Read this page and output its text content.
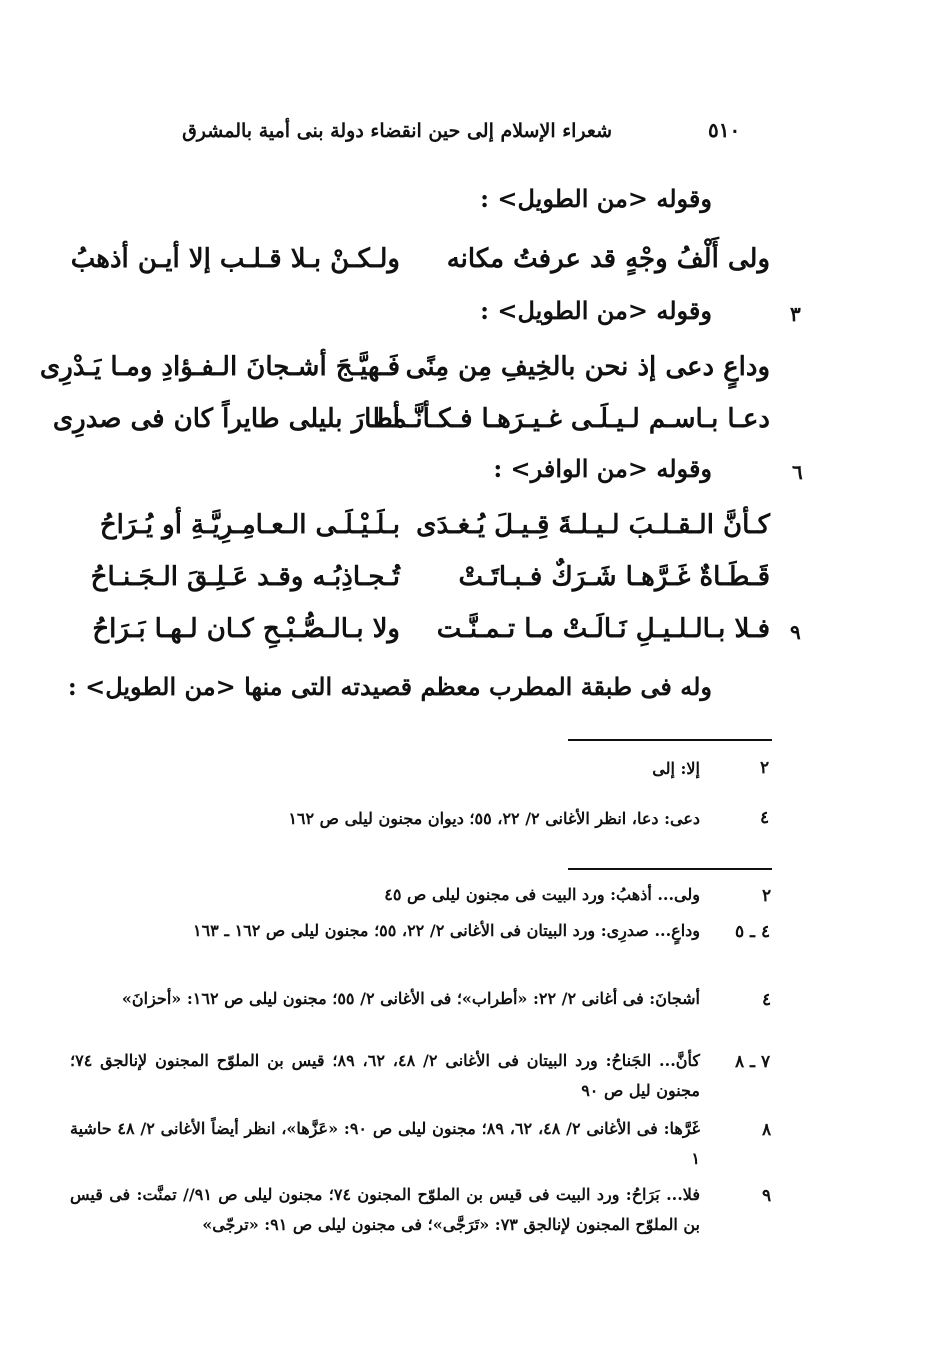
شعراء الإسلام إلى حين انقضاء دولة بنى أمية بالمشرق	٥١٠
وقوله <من الطويل> :
ولى أَلْفُ وجْهٍ قد عرفتُ مكانه
ولـكـنْ بـلا قـلـب إلا أيـن أذهبُ
٣
وقوله <من الطويل> :
وداعٍ دعى إذ نحن بالخِيفِ مِن مِنًى
فَـهيَّـجَ أشـجانَ الـفـؤادِ ومـا يَـدْرِى
دعـا بـاسـم لـيـلَـى غـيـرَهـا فـكـأنَّـمـا
أطارَ بليلى طايراً كان فى صدرِى
٦
وقوله <من الوافر> :
كـأنَّ الـقـلـبَ لـيـلـةَ قِـيـلَ يُـغـدَى
بـلَـيْـلَـى الـعـامِـرِيَّـةِ أو يُـرَاحُ
قَـطَـاةٌ غَـرَّهـا شَـرَكٌ فـبـاتَـتْ
تُـجـاذِبُـه وقـد عَـلِـقَ الـجَـنـاحُ
٩
فـلا بـالـلـيـلِ نَـالَـتْ مـا تـمـنَّـت
ولا بـالـصُّـبْـحِ كـان لـهـا بَـرَاحُ
وله فى طبقة المطرب معظم قصيدته التى منها <من الطويل> :
٢
إلا: إلى
٤
دعى: دعا، انظر الأغانى ٢/ ٢٢، ٥٥؛ ديوان مجنون ليلى ص ١٦٢
٢
ولى... أذهبُ: ورد البيت فى مجنون ليلى ص ٤٥
٤ ـ ٥
وداعٍ... صدرِى: ورد البيتان فى الأغانى ٢/ ٢٢، ٥٥؛ مجنون ليلى ص ١٦٢ ـ ١٦٣
٤
أشجانَ: فى أغانى ٢/ ٢٢: «أطراب»؛ فى الأغانى ٢/ ٥٥؛ مجنون ليلى ص ١٦٢: «أحزانَ»
٧ ـ ٨
كأنَّ... الجَناحُ: ورد البيتان فى الأغانى ٢/ ٤٨، ٦٢، ٨٩؛ قيس بن الملوّح المجنون لإنالجق ٧٤؛ مجنون ليل ص ٩٠
٨
غَرَّها: فى الأغانى ٢/ ٤٨، ٦٢، ٨٩؛ مجنون ليلى ص ٩٠: «عَزَّها»، انظر أيضاً الأغانى ٢/ ٤٨ حاشية ١
٩
فلا... بَرَاحُ: ورد البيت فى قيس بن الملوّح المجنون ٧٤؛ مجنون ليلى ص ٩١// تمنَّت: فى قيس بن الملوّح المجنون لإنالجق ٧٣: «تَرَجَّى»؛ فى مجنون ليلى ص ٩١: «ترجّى»
